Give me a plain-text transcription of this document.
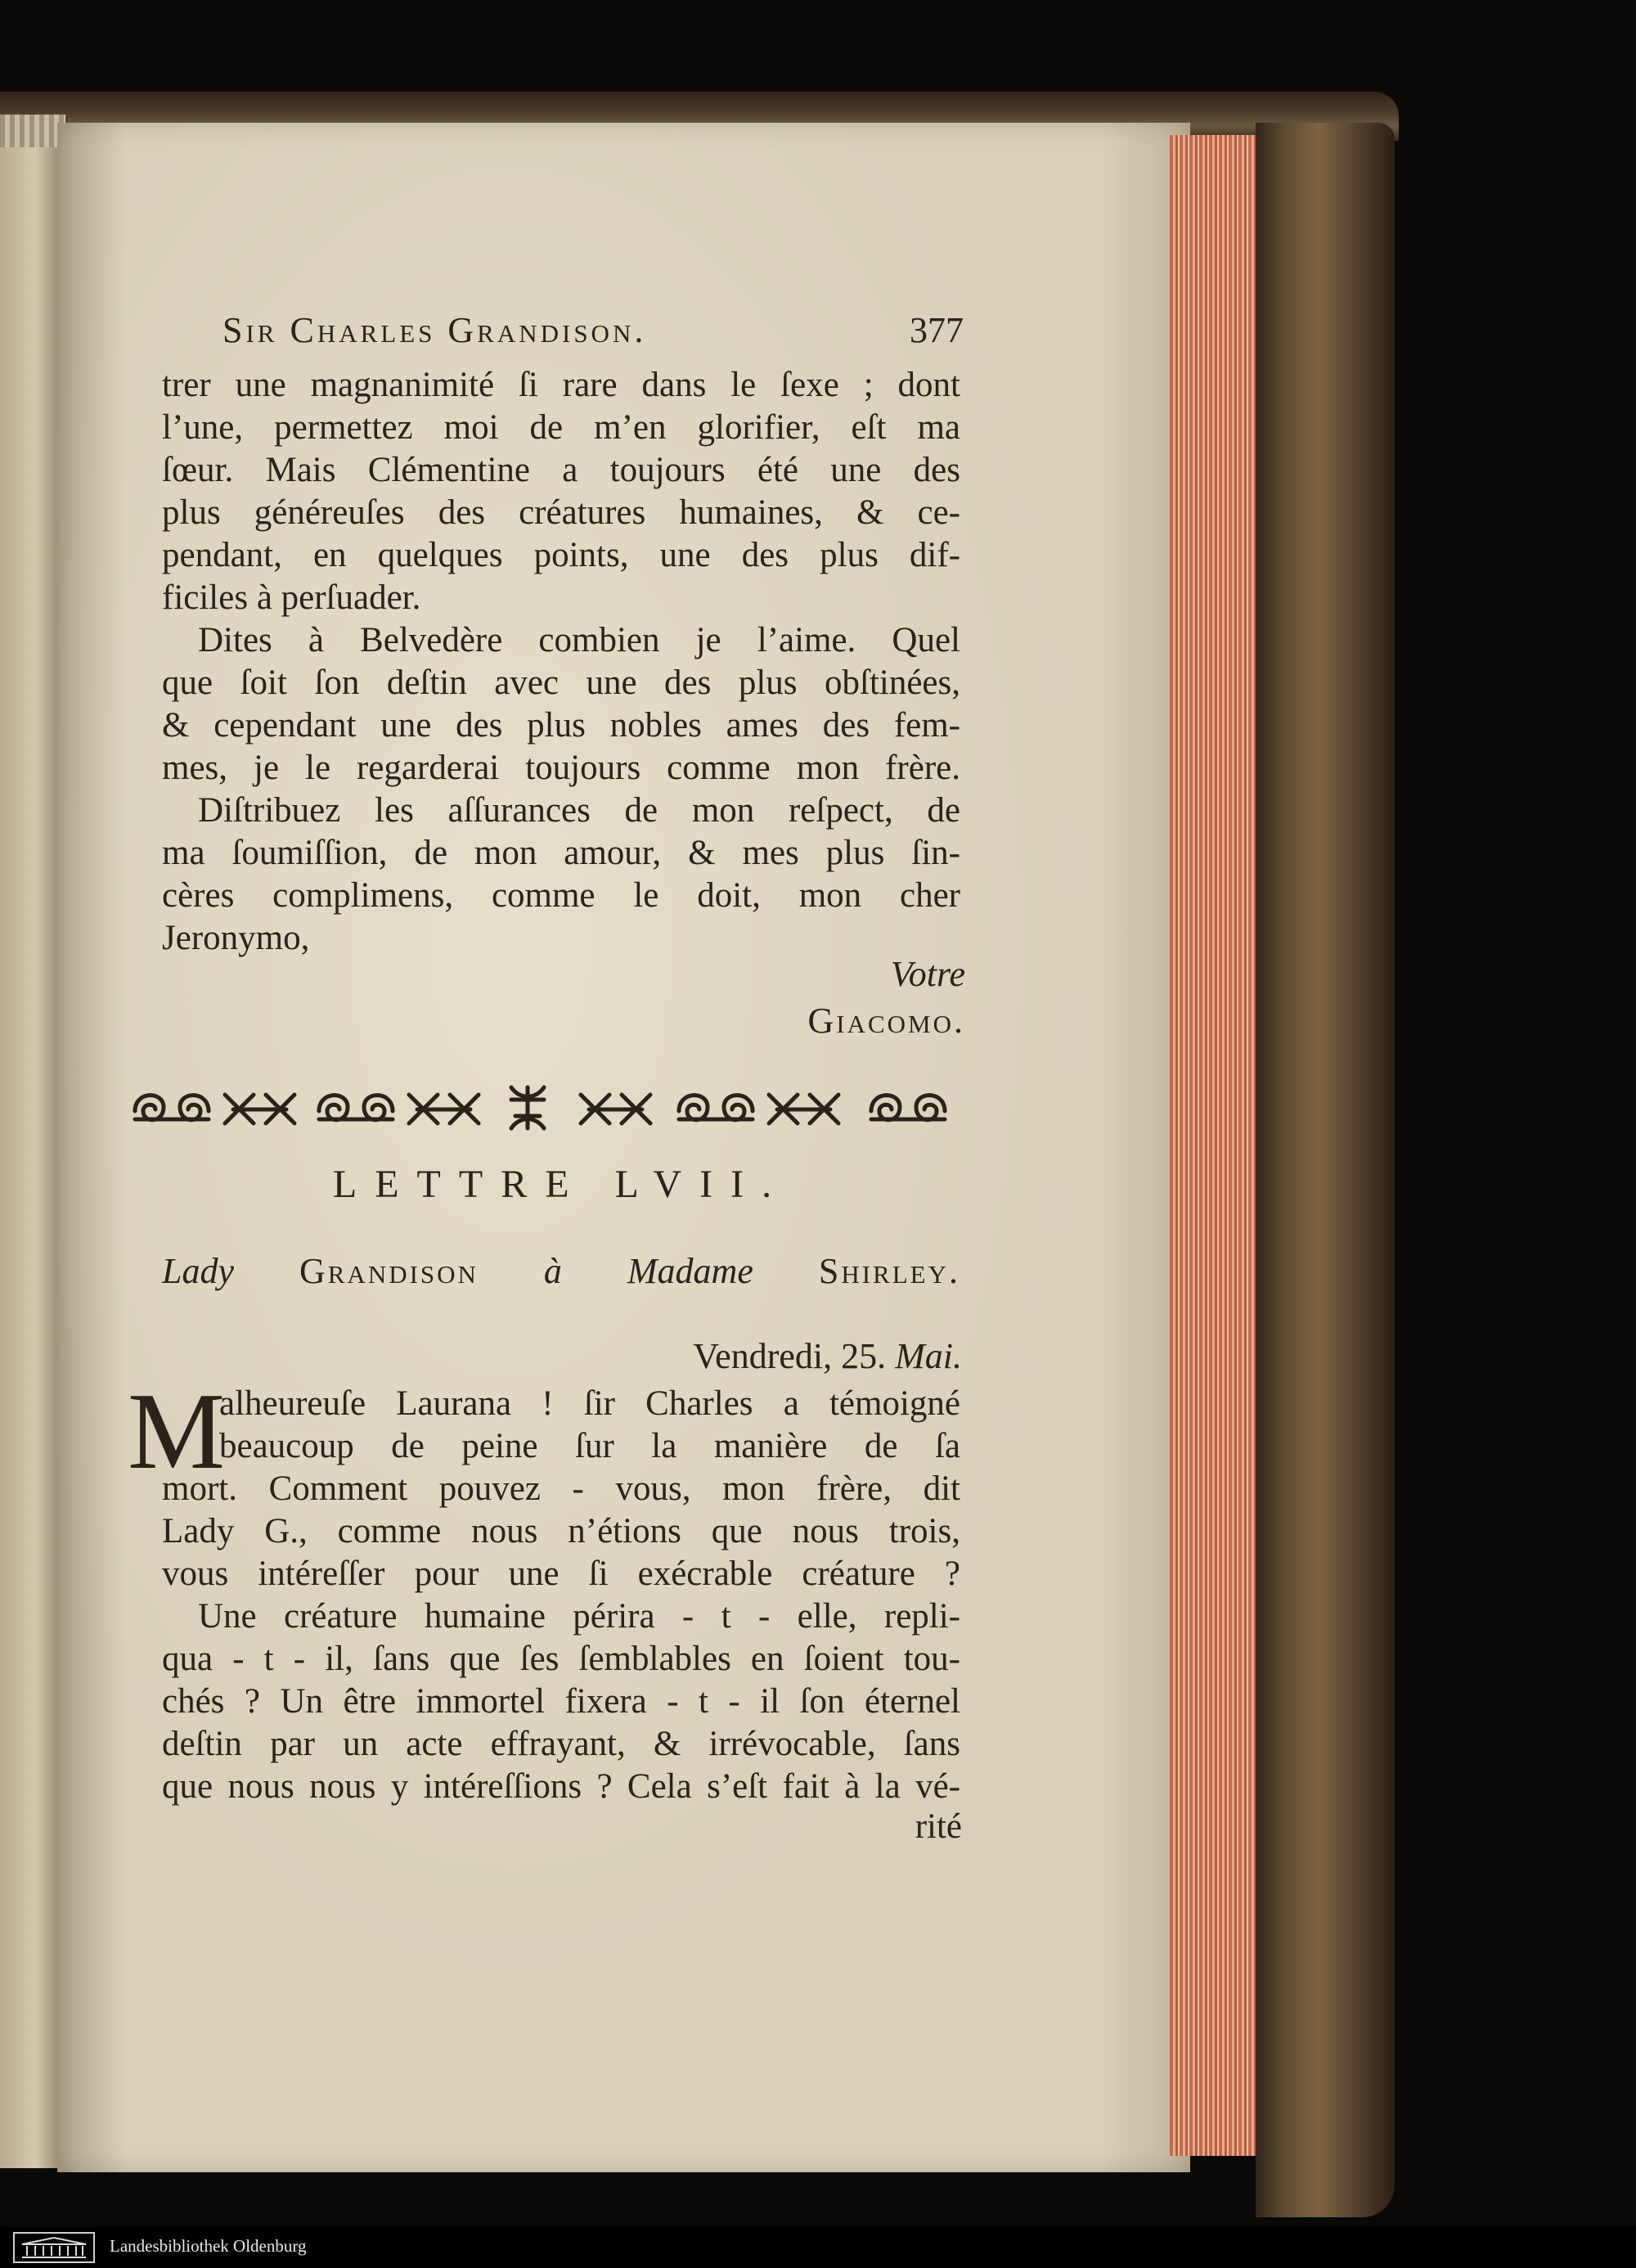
Sir Charles Grandison.	377
trer une magnanimité ſi rare dans le ſexe ; dont
l’une, permettez moi de m’en glorifier, eſt ma
ſœur. Mais Clémentine a toujours été une des
plus généreuſes des créatures humaines, & ce-
pendant, en quelques points, une des plus dif-
ficiles à perſuader.
Dites à Belvedère combien je l’aime. Quel
que ſoit ſon deſtin avec une des plus obſtinées,
& cependant une des plus nobles ames des fem-
mes, je le regarderai toujours comme mon frère.
Diſtribuez les aſſurances de mon reſpect, de
ma ſoumiſſion, de mon amour, & mes plus ſin-
cères complimens, comme le doit, mon cher
Jeronymo,
Votre
Giacomo.
LETTRE LVII.
Lady Grandison à Madame Shirley.
Vendredi, 25. Mai.
M
alheureuſe Laurana ! ſir Charles a témoigné
beaucoup de peine ſur la manière de ſa
mort. Comment pouvez - vous, mon frère, dit
Lady G., comme nous n’étions que nous trois,
vous intéreſſer pour une ſi exécrable créature ?
Une créature humaine périra - t - elle, repli-
qua - t - il, ſans que ſes ſemblables en ſoient tou-
chés ? Un être immortel fixera - t - il ſon éternel
deſtin par un acte effrayant, & irrévocable, ſans
que nous nous y intéreſſions ? Cela s’eſt fait à la vé-
rité
Landesbibliothek Oldenburg
